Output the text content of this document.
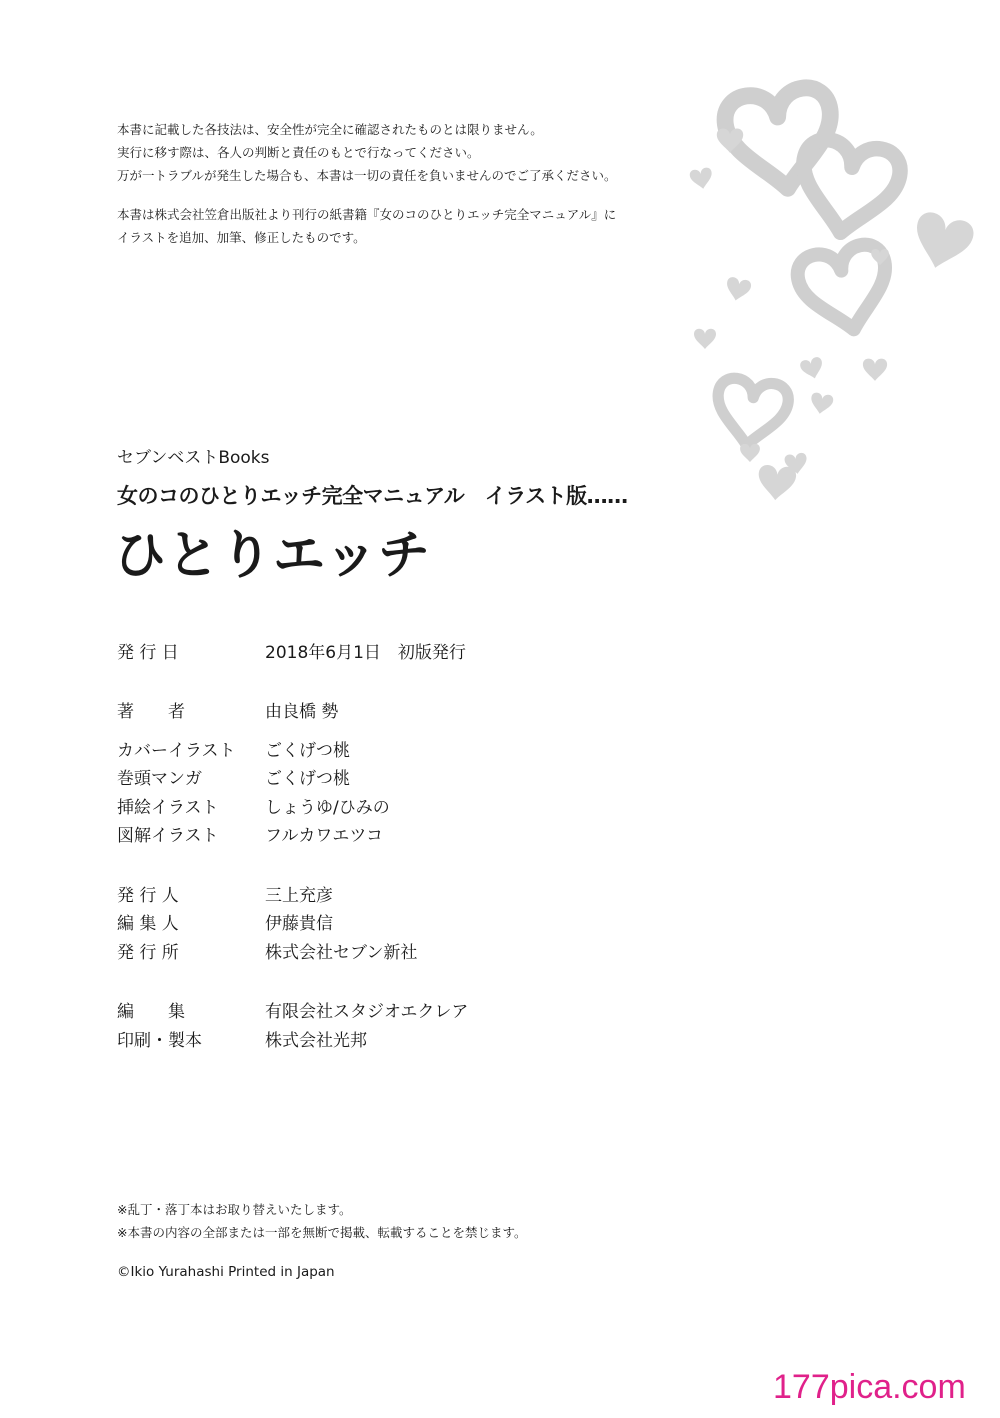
本書に記載した各技法は、安全性が完全に確認されたものとは限りません。

実行に移す際は、各人の判断と責任のもとで行なってください。

万が一トラブルが発生した場合も、本書は一切の責任を負いませんのでご了承ください。

本書は株式会社笠倉出版社より刊行の紙書籍『女のコのひとりエッチ完全マニュアル』に

イラストを追加、加筆、修正したものです。

セブンベストBooks
女のコのひとりエッチ完全マニュアル　イラスト版……
ひとりエッチ
発 行 日	2018年6月1日　初版発行
著　　者	由良橋 勢
カバーイラスト	ごくげつ桃
巻頭マンガ	ごくげつ桃
挿絵イラスト	しょうゆ/ひみの
図解イラスト	フルカワエツコ
発 行 人	三上充彦
編 集 人	伊藤貴信
発 行 所	株式会社セブン新社
編　　集	有限会社スタジオエクレア
印刷・製本	株式会社光邦

※乱丁・落丁本はお取り替えいたします。

※本書の内容の全部または一部を無断で掲載、転載することを禁じます。

©Ikio Yurahashi Printed in Japan
177pica.com
